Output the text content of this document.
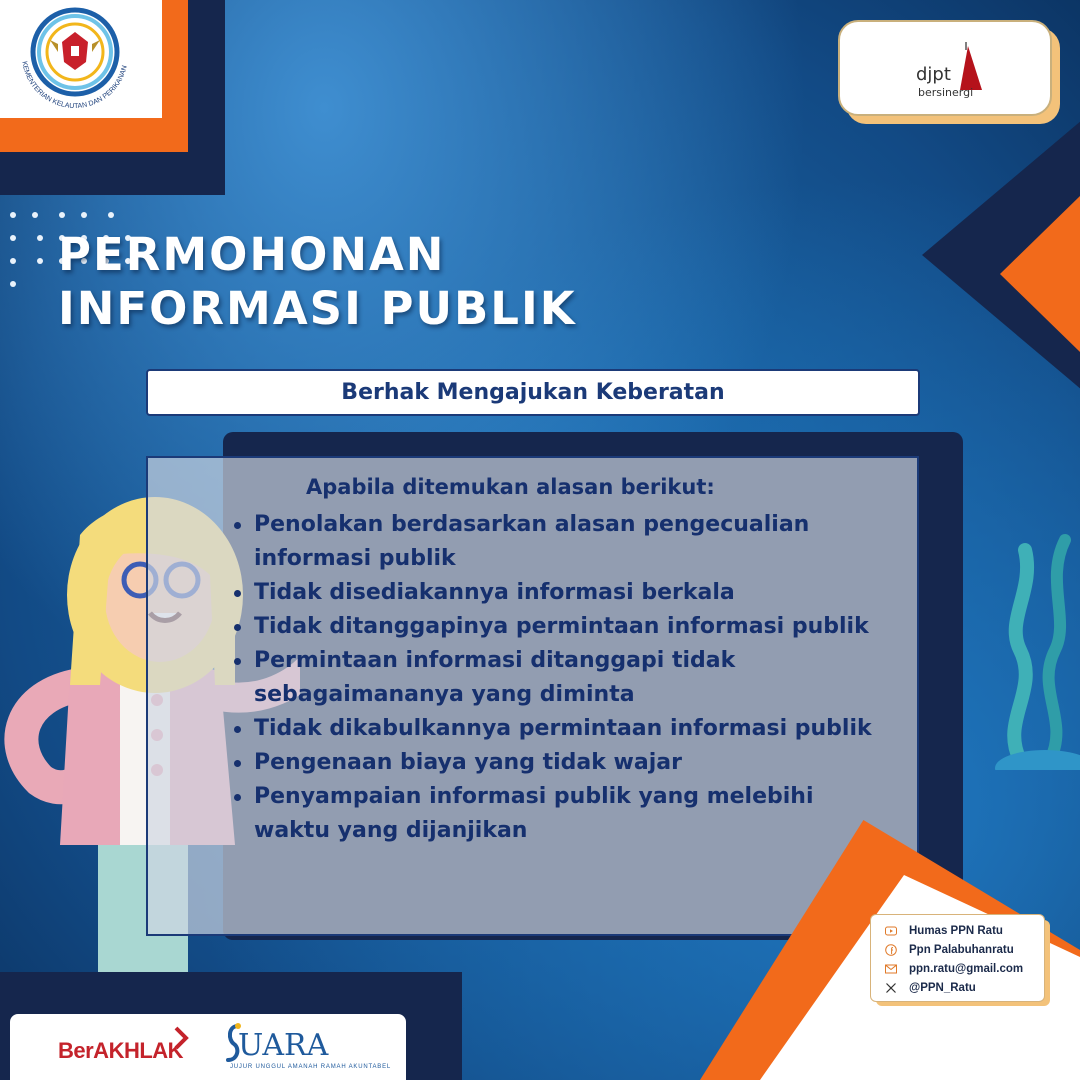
KEMENTERIAN KELAUTAN DAN PERIKANAN

PERMOHONAN
INFORMASI PUBLIK
djpt
bersinergi
Berhak Mengajukan Keberatan
Apabila ditemukan alasan berikut:
Penolakan berdasarkan alasan pengecualian informasi publik
Tidak disediakannya informasi berkala
Tidak ditanggapinya permintaan informasi publik
Permintaan informasi ditanggapi tidak sebagaimananya yang diminta
Tidak dikabulkannya permintaan informasi publik
Pengenaan biaya yang tidak wajar
Penyampaian informasi publik yang melebihi waktu yang dijanjikan
Humas PPN Ratu
Ppn Palabuhanratu
ppn.ratu@gmail.com
@PPN_Ratu
BerAKHLAK UARA
JUJUR UNGGUL AMANAH RAMAH AKUNTABEL
